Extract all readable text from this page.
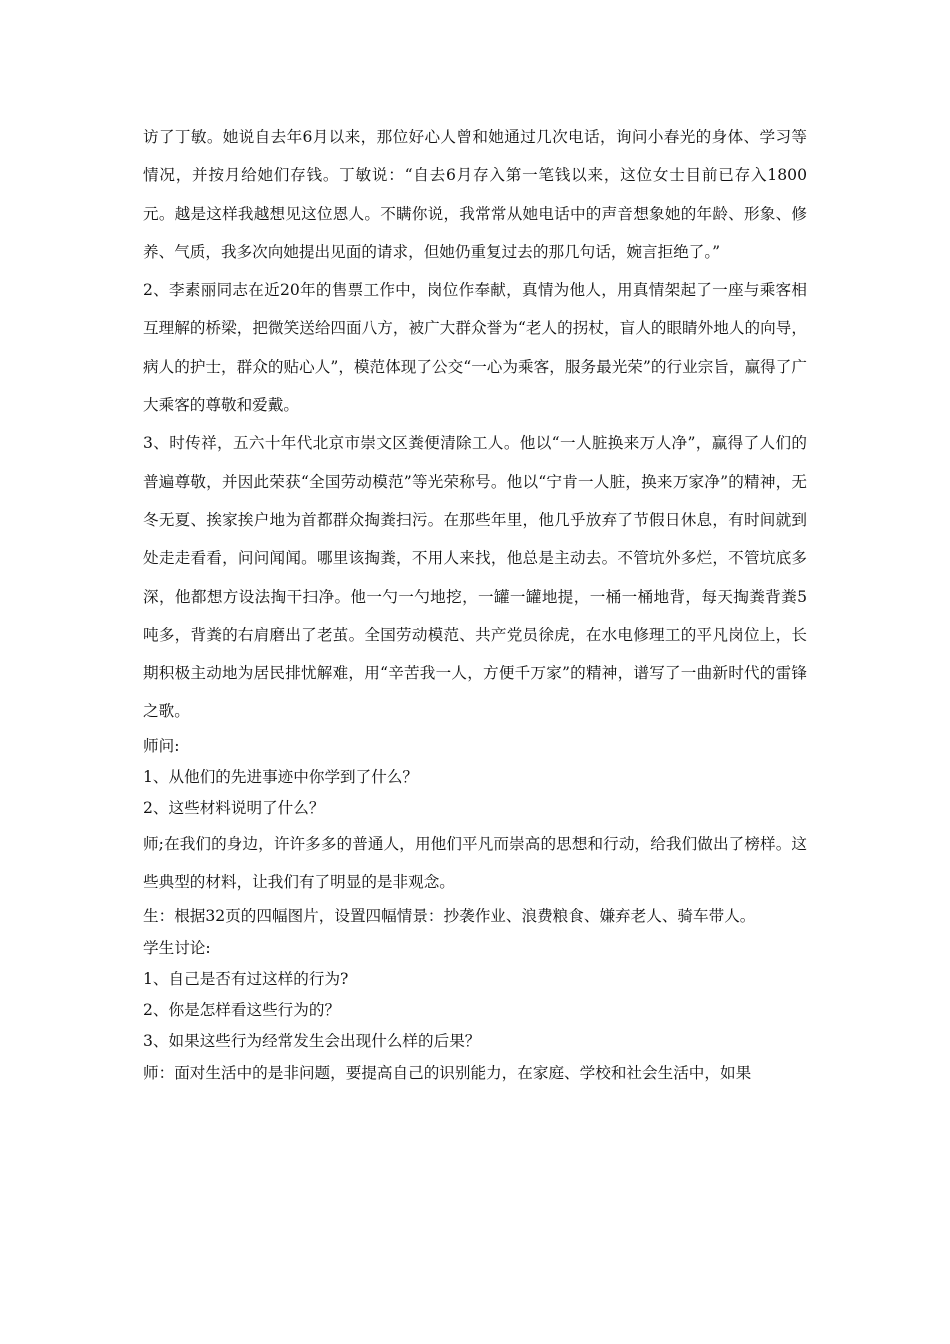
访了丁敏。她说自去年6月以来，那位好心人曾和她通过几次电话，询问小春光的身体、学习等情况，并按月给她们存钱。丁敏说：“自去6月存入第一笔钱以来，这位女士目前已存入1800元。越是这样我越想见这位恩人。不瞒你说，我常常从她电话中的声音想象她的年龄、形象、修养、气质，我多次向她提出见面的请求，但她仍重复过去的那几句话，婉言拒绝了。”

2、李素丽同志在近20年的售票工作中，岗位作奉献，真情为他人，用真情架起了一座与乘客相互理解的桥梁，把微笑送给四面八方，被广大群众誉为“老人的拐杖，盲人的眼睛外地人的向导，病人的护士，群众的贴心人”，模范体现了公交“一心为乘客，服务最光荣”的行业宗旨，赢得了广大乘客的尊敬和爱戴。

3、时传祥，五六十年代北京市崇文区粪便清除工人。他以“一人脏换来万人净”，赢得了人们的普遍尊敬，并因此荣获“全国劳动模范”等光荣称号。他以“宁肯一人脏，换来万家净”的精神，无冬无夏、挨家挨户地为首都群众掏粪扫污。在那些年里，他几乎放弃了节假日休息，有时间就到处走走看看，问问闻闻。哪里该掏粪，不用人来找，他总是主动去。不管坑外多烂，不管坑底多深，他都想方设法掏干扫净。他一勺一勺地挖，一罐一罐地提，一桶一桶地背，每天掏粪背粪5吨多，背粪的右肩磨出了老茧。全国劳动模范、共产党员徐虎，在水电修理工的平凡岗位上，长期积极主动地为居民排忧解难，用“辛苦我一人，方便千万家”的精神，谱写了一曲新时代的雷锋之歌。

师问:

1、从他们的先进事迹中你学到了什么？

2、这些材料说明了什么？

师;在我们的身边，许许多多的普通人，用他们平凡而崇高的思想和行动，给我们做出了榜样。这些典型的材料，让我们有了明显的是非观念。

生：根据32页的四幅图片，设置四幅情景：抄袭作业、浪费粮食、嫌弃老人、骑车带人。

学生讨论:

1、自己是否有过这样的行为?

2、你是怎样看这些行为的？

3、如果这些行为经常发生会出现什么样的后果？

师：面对生活中的是非问题，要提高自己的识别能力，在家庭、学校和社会生活中，如果
